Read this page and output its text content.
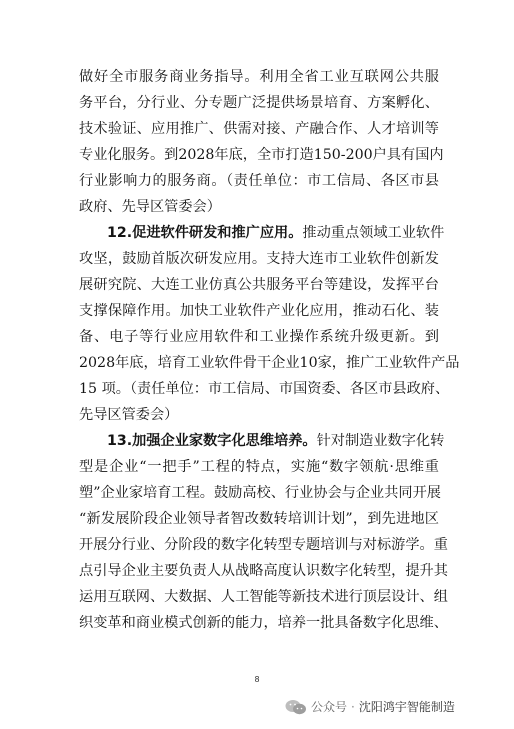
做好全市服务商业务指导。利用全省工业互联网公共服
务平台，分行业、分专题广泛提供场景培育、方案孵化、
技术验证、应用推广、供需对接、产融合作、人才培训等
专业化服务。到2028年底，全市打造150-200户具有国内
行业影响力的服务商。（责任单位：市工信局、各区市县
政府、先导区管委会）
12.促进软件研发和推广应用。推动重点领域工业软件
攻坚，鼓励首版次研发应用。支持大连市工业软件创新发
展研究院、大连工业仿真公共服务平台等建设，发挥平台
支撑保障作用。加快工业软件产业化应用，推动石化、装
备、电子等行业应用软件和工业操作系统升级更新。到
2028年底，培育工业软件骨干企业10家，推广工业软件产品
15 项。（责任单位：市工信局、市国资委、各区市县政府、
先导区管委会）
13.加强企业家数字化思维培养。针对制造业数字化转
型是企业“一把手”工程的特点，实施“数字领航·思维重
塑”企业家培育工程。鼓励高校、行业协会与企业共同开展
“新发展阶段企业领导者智改数转培训计划”，到先进地区
开展分行业、分阶段的数字化转型专题培训与对标游学。重
点引导企业主要负责人从战略高度认识数字化转型，提升其
运用互联网、大数据、人工智能等新技术进行顶层设计、组
织变革和商业模式创新的能力，培养一批具备数字化思维、
8
公众号 · 沈阳鸿宇智能制造
